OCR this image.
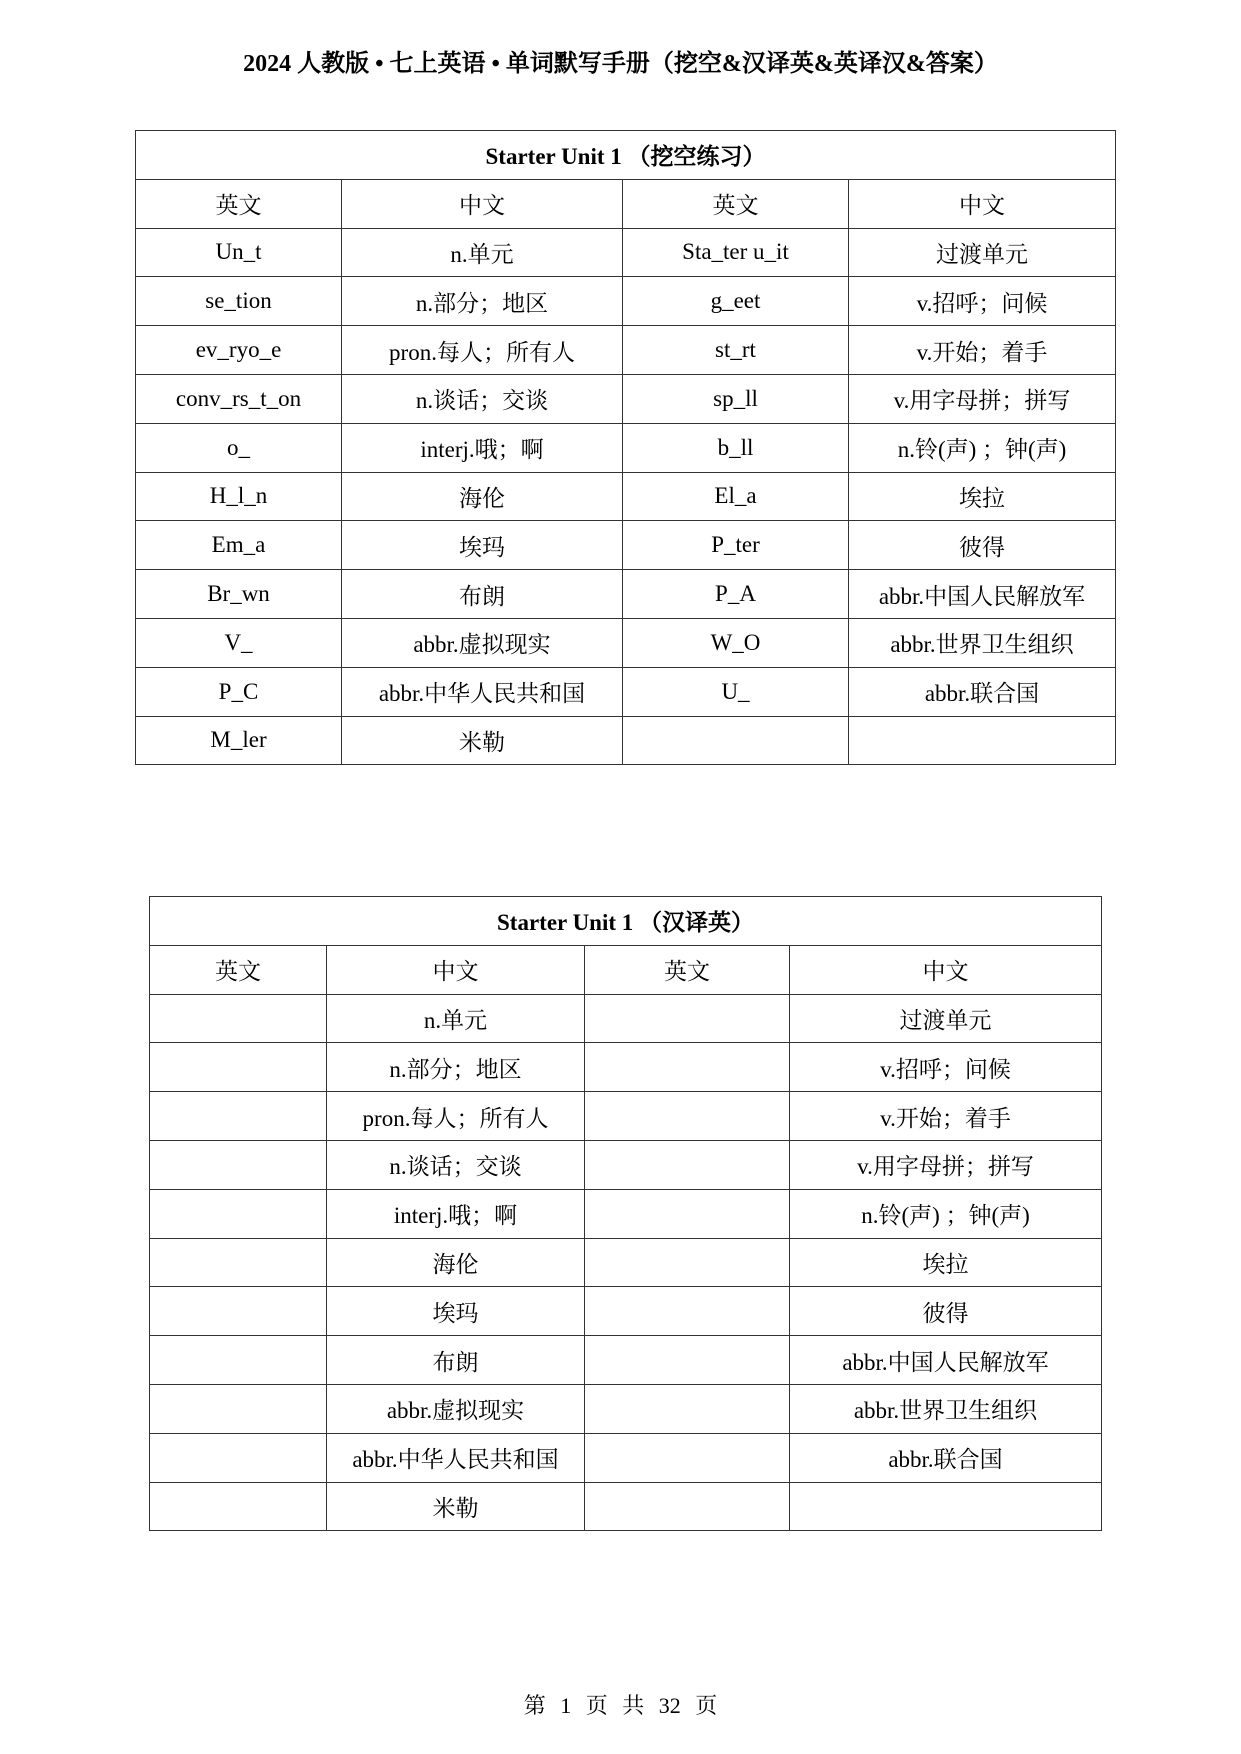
2024 人教版 • 七上英语 • 单词默写手册（挖空&汉译英&英译汉&答案）
Starter Unit 1 （挖空练习）			
英文	中文	英文	中文
Un_t	n.单元	Sta_ter u_it	过渡单元
se_tion	n.部分；地区	g_eet	v.招呼；问候
ev_ryo_e	pron.每人；所有人	st_rt	v.开始；着手
conv_rs_t_on	n.谈话；交谈	sp_ll	v.用字母拼；拼写
o_	interj.哦；啊	b_ll	n.铃(声) ；钟(声)
H_l_n	海伦	El_a	埃拉
Em_a	埃玛	P_ter	彼得
Br_wn	布朗	P_A	abbr.中国人民解放军
V_	abbr.虚拟现实	W_O	abbr.世界卫生组织
P_C	abbr.中华人民共和国	U_	abbr.联合国
M_ler	米勒		
Starter Unit 1 （汉译英）			
英文	中文	英文	中文
	n.单元		过渡单元
	n.部分；地区		v.招呼；问候
	pron.每人；所有人		v.开始；着手
	n.谈话；交谈		v.用字母拼；拼写
	interj.哦；啊		n.铃(声) ；钟(声)
	海伦		埃拉
	埃玛		彼得
	布朗		abbr.中国人民解放军
	abbr.虚拟现实		abbr.世界卫生组织
	abbr.中华人民共和国		abbr.联合国
	米勒		
第 1 页 共 32 页
